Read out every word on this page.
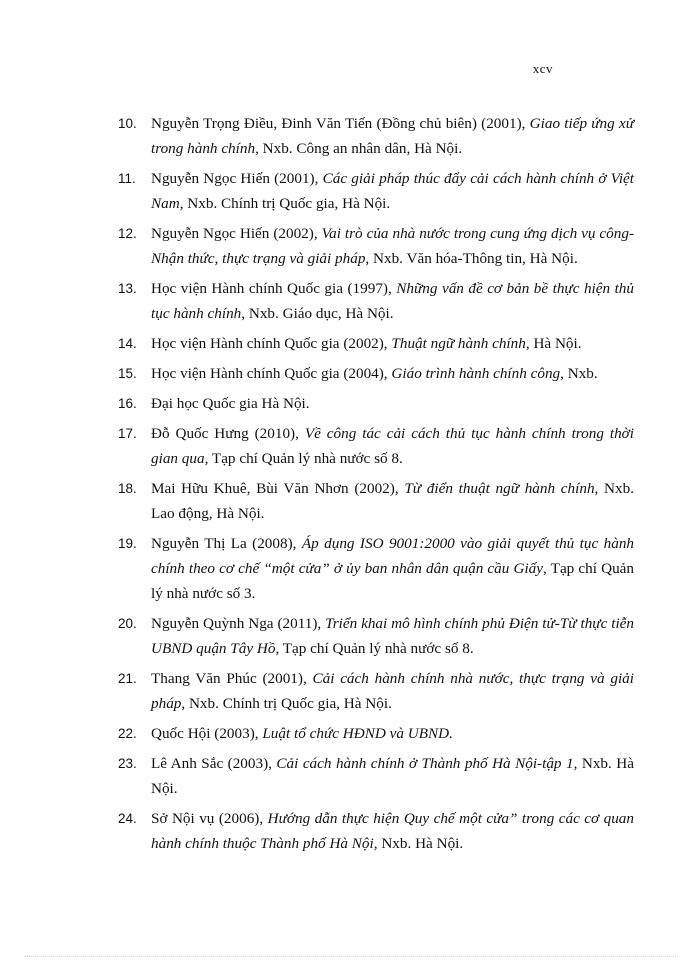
xcv
10. Nguyễn Trọng Điều, Đinh Văn Tiến (Đồng chủ biên) (2001), Giao tiếp ứng xử trong hành chính, Nxb. Công an nhân dân, Hà Nội.
11.	Nguyễn Ngọc Hiến (2001), Các giải pháp thúc đẩy cải cách hành chính ở Việt Nam, Nxb. Chính trị Quốc gia, Hà Nội.
12. Nguyễn Ngọc Hiến (2002), Vai trò của nhà nước trong cung ứng dịch vụ công-Nhận thức, thực trạng và giải pháp, Nxb. Văn hóa-Thông tin, Hà Nội.
13. Học viện Hành chính Quốc gia (1997), Những vấn đề cơ bản bề thực hiện thủ tục hành chính, Nxb. Giáo dục, Hà Nội.
14. Học viện Hành chính Quốc gia (2002), Thuật ngữ hành chính, Hà Nội.
15. Học viện Hành chính Quốc gia (2004), Giáo trình hành chính công, Nxb.
16. Đại học Quốc gia Hà Nội.
17. Đỗ Quốc Hưng (2010), Về công tác cải cách thủ tục hành chính trong thời gian qua, Tạp chí Quản lý nhà nước số 8.
18. Mai Hữu Khuê, Bùi Văn Nhơn (2002), Từ điển thuật ngữ hành chính, Nxb. Lao động, Hà Nội.
19. Nguyễn Thị La (2008), Áp dụng ISO 9001:2000 vào giải quyết thủ tục hành chính theo cơ chế “một cửa” ở ủy ban nhân dân quận cầu Giấy, Tạp chí Quản lý nhà nước số 3.
20. Nguyễn Quỳnh Nga (2011), Triển khai mô hình chính phủ Điện tử-Từ thực tiễn UBND quận Tây Hồ, Tạp chí Quản lý nhà nước số 8.
21. Thang Văn Phúc (2001), Cải cách hành chính nhà nước, thực trạng và giải pháp, Nxb. Chính trị Quốc gia, Hà Nội.
22. Quốc Hội (2003), Luật tổ chức HĐND và UBND.
23. Lê Anh Sắc (2003), Cải cách hành chính ở Thành phố Hà Nội-tập 1, Nxb. Hà Nội.
24. Sở Nội vụ (2006), Hướng dẫn thực hiện Quy chế một cửa” trong các cơ quan hành chính thuộc Thành phố Hà Nội, Nxb. Hà Nội.
